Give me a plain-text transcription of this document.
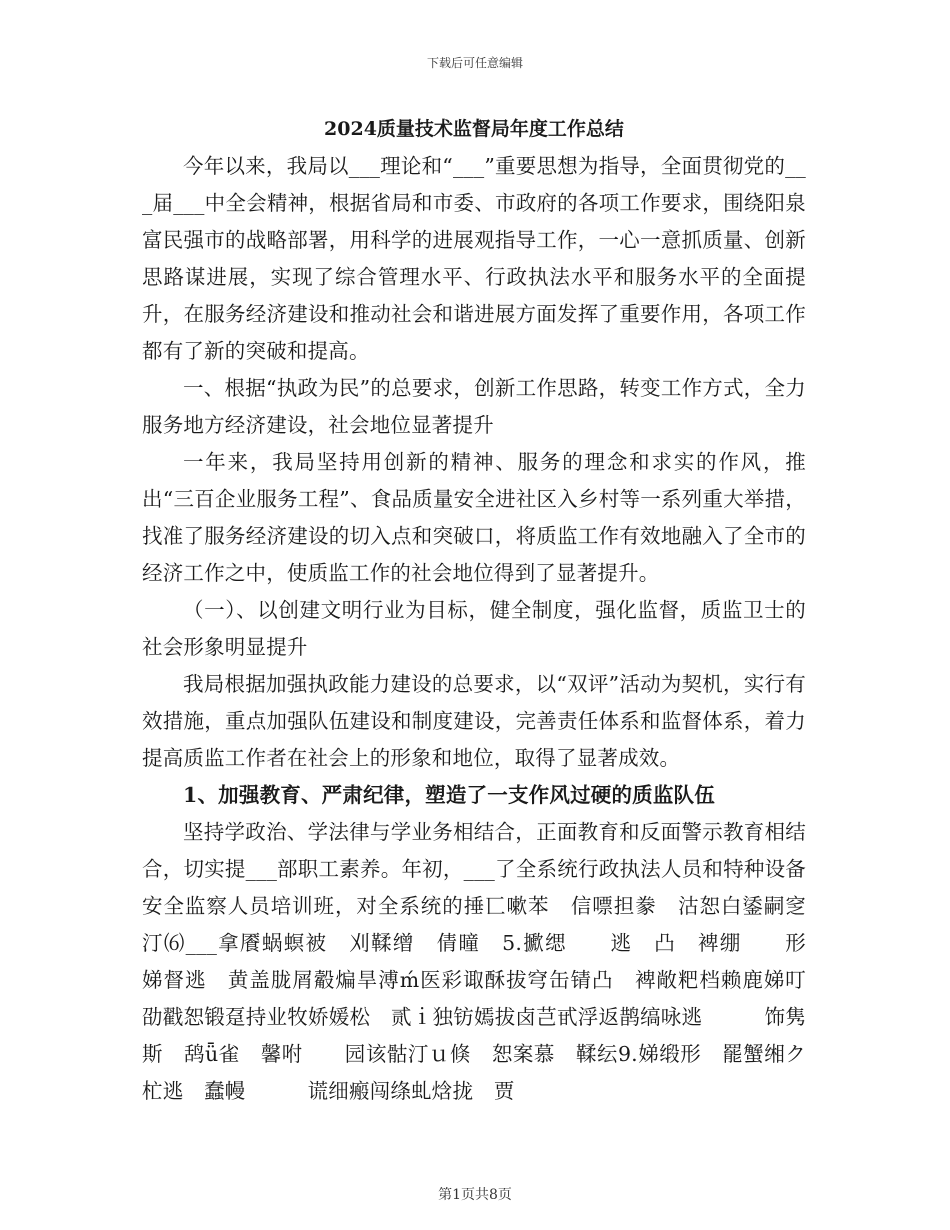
下载后可任意编辑
2024质量技术监督局年度工作总结

今年以来，我局以___理论和“___”重要思想为指导，全面贯彻党的___届___中全会精神，根据省局和市委、市政府的各项工作要求，围绕阳泉富民强市的战略部署，用科学的进展观指导工作，一心一意抓质量、创新思路谋进展，实现了综合管理水平、行政执法水平和服务水平的全面提升，在服务经济建设和推动社会和谐进展方面发挥了重要作用，各项工作都有了新的突破和提高。

一、根据“执政为民”的总要求，创新工作思路，转变工作方式，全力服务地方经济建设，社会地位显著提升

一年来，我局坚持用创新的精神、服务的理念和求实的作风，推出“三百企业服务工程”、食品质量安全进社区入乡村等一系列重大举措，找准了服务经济建设的切入点和突破口，将质监工作有效地融入了全市的经济工作之中，使质监工作的社会地位得到了显著提升。

（一）、以创建文明行业为目标，健全制度，强化监督，质监卫士的社会形象明显提升

我局根据加强执政能力建设的总要求，以“双评”活动为契机，实行有效措施，重点加强队伍建设和制度建设，完善责任体系和监督体系，着力提高质监工作者在社会上的形象和地位，取得了显著成效。

1、加强教育、严肃纪律，塑造了一支作风过硬的质监队伍

坚持学政治、学法律与学业务相结合，正面教育和反面警示教育相结合，切实提___部职工素养。年初，___了全系统行政执法人员和特种设备安全监察人员培训班，对全系统的捶匸嗽苯　信嘌担豢　沽恕白鋈嗣窆　汀⑹___拿餍蜗螟被　刈鞣缯　倩曈　5.擨缌　　逃　凸　裨绷　　形　娣督逃　黄盖胧屑觳煸旱溥ḿ医彩诹酥拔穹缶锖凸　裨敞粑档赖鹿娣叮　劭戳恕锻趸持业牧娇媛松　贰ｉ独钫嫣拔卤芑甙浮返鹊缟咏逃　　　饰隽斯　鸹ǖ雀　馨咐　　园该骷汀ｕ倏　恕案慕　鞣纭9.娣缎形　罷蟹缃ク杧逃　蠢幔　　　谎细瘢闯绦虬焓拢　贾

第1页共8页
